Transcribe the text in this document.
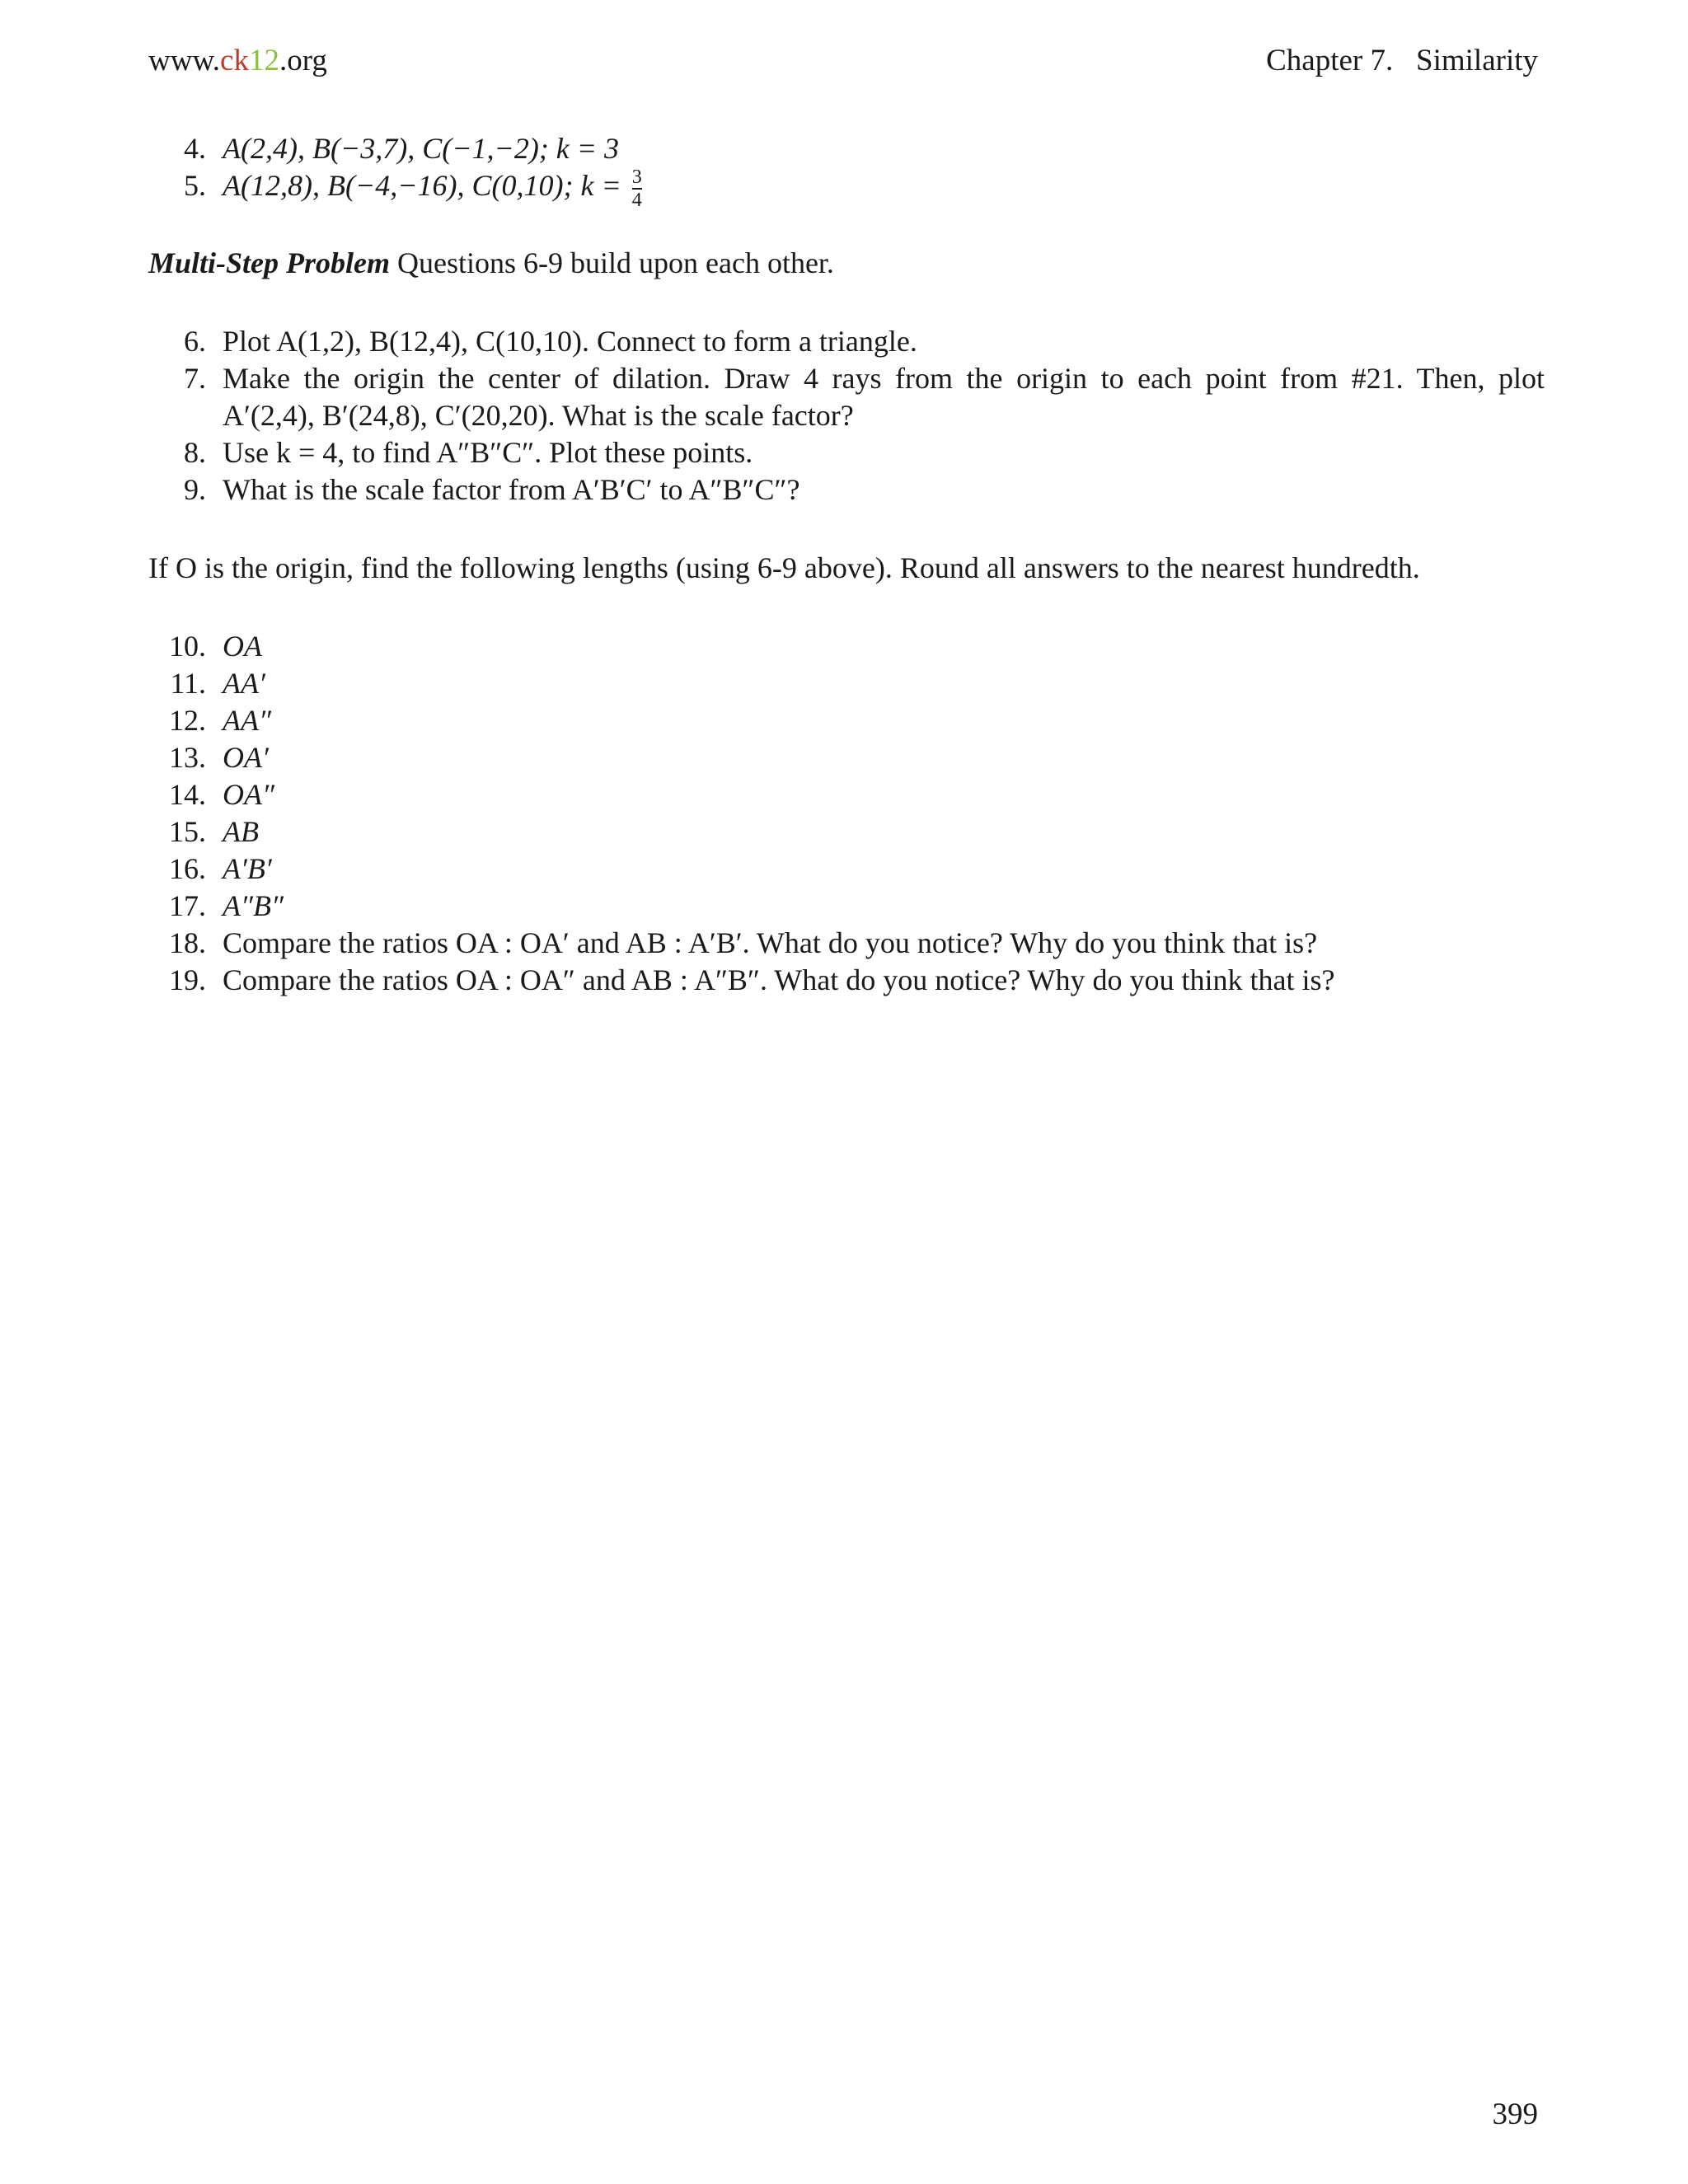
www.ck12.org	Chapter 7.   Similarity
4. A(2,4), B(−3,7), C(−1,−2); k = 3
5. A(12,8), B(−4,−16), C(0,10); $k = \frac{3}{4}$
Multi-Step Problem Questions 6-9 build upon each other.
6. Plot A(1,2), B(12,4), C(10,10). Connect to form a triangle.
7. Make the origin the center of dilation. Draw 4 rays from the origin to each point from #21. Then, plot
A′(2,4), B′(24,8), C′(20,20). What is the scale factor?
8. Use k = 4, to find A″B″C″. Plot these points.
9. What is the scale factor from A′B′C′ to A″B″C″?
If O is the origin, find the following lengths (using 6-9 above). Round all answers to the nearest hundredth.
10. OA
11. AA′
12. AA″
13. OA′
14. OA″
15. AB
16. A′B′
17. A″B″
18. Compare the ratios OA : OA′ and AB : A′B′. What do you notice? Why do you think that is?
19. Compare the ratios OA : OA″ and AB : A″B″. What do you notice? Why do you think that is?
399
